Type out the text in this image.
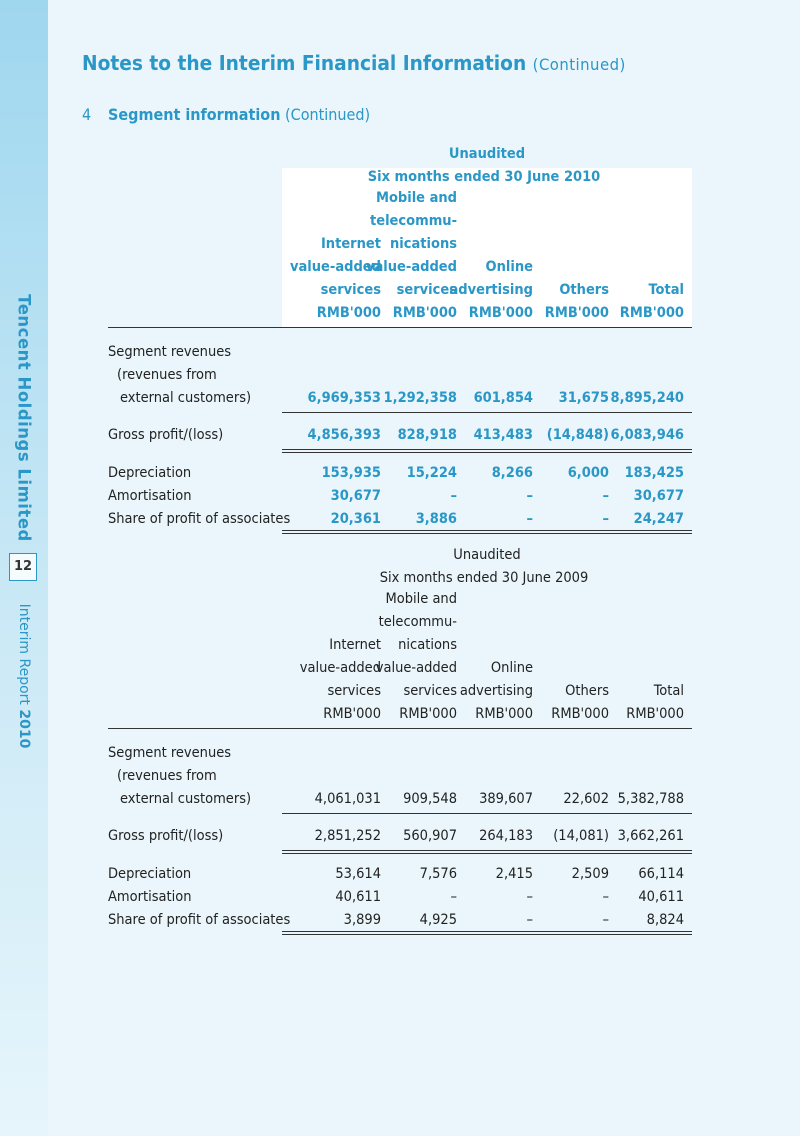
Tencent Holdings Limited
12
Interim Report 2010
Notes to the Interim Financial Information (Continued)
4 Segment information (Continued)
Unaudited
Six months ended 30 June 2010
Internet
value-added
services
RMB'000
Mobile and
telecommu-
nications
value-added
services
RMB'000
Online
advertising
RMB'000
Others
RMB'000
Total
RMB'000
Segment revenues
(revenues from
external customers)	6,969,353 1,292,358 601,854 31,675 8,895,240
Gross profit/(loss)	4,856,393 828,918 413,483 (14,848) 6,083,946
Depreciation	153,935 15,224 8,266 6,000 183,425
Amortisation	30,677	–	–	– 30,677
Share of profit of associates	20,361 3,886	–	– 24,247
Unaudited
Six months ended 30 June 2009
Internet
value-added
services
RMB'000
Mobile and
telecommu-
nications
value-added
services
RMB'000
Online
advertising
RMB'000
Others
RMB'000
Total
RMB'000
Segment revenues
(revenues from
external customers)	4,061,031 909,548 389,607 22,602 5,382,788
Gross profit/(loss)	2,851,252 560,907 264,183 (14,081) 3,662,261
Depreciation	53,614	7,576	2,415	2,509 66,114
Amortisation	40,611	–	–	– 40,611
Share of profit of associates	3,899	4,925	–	–	8,824
